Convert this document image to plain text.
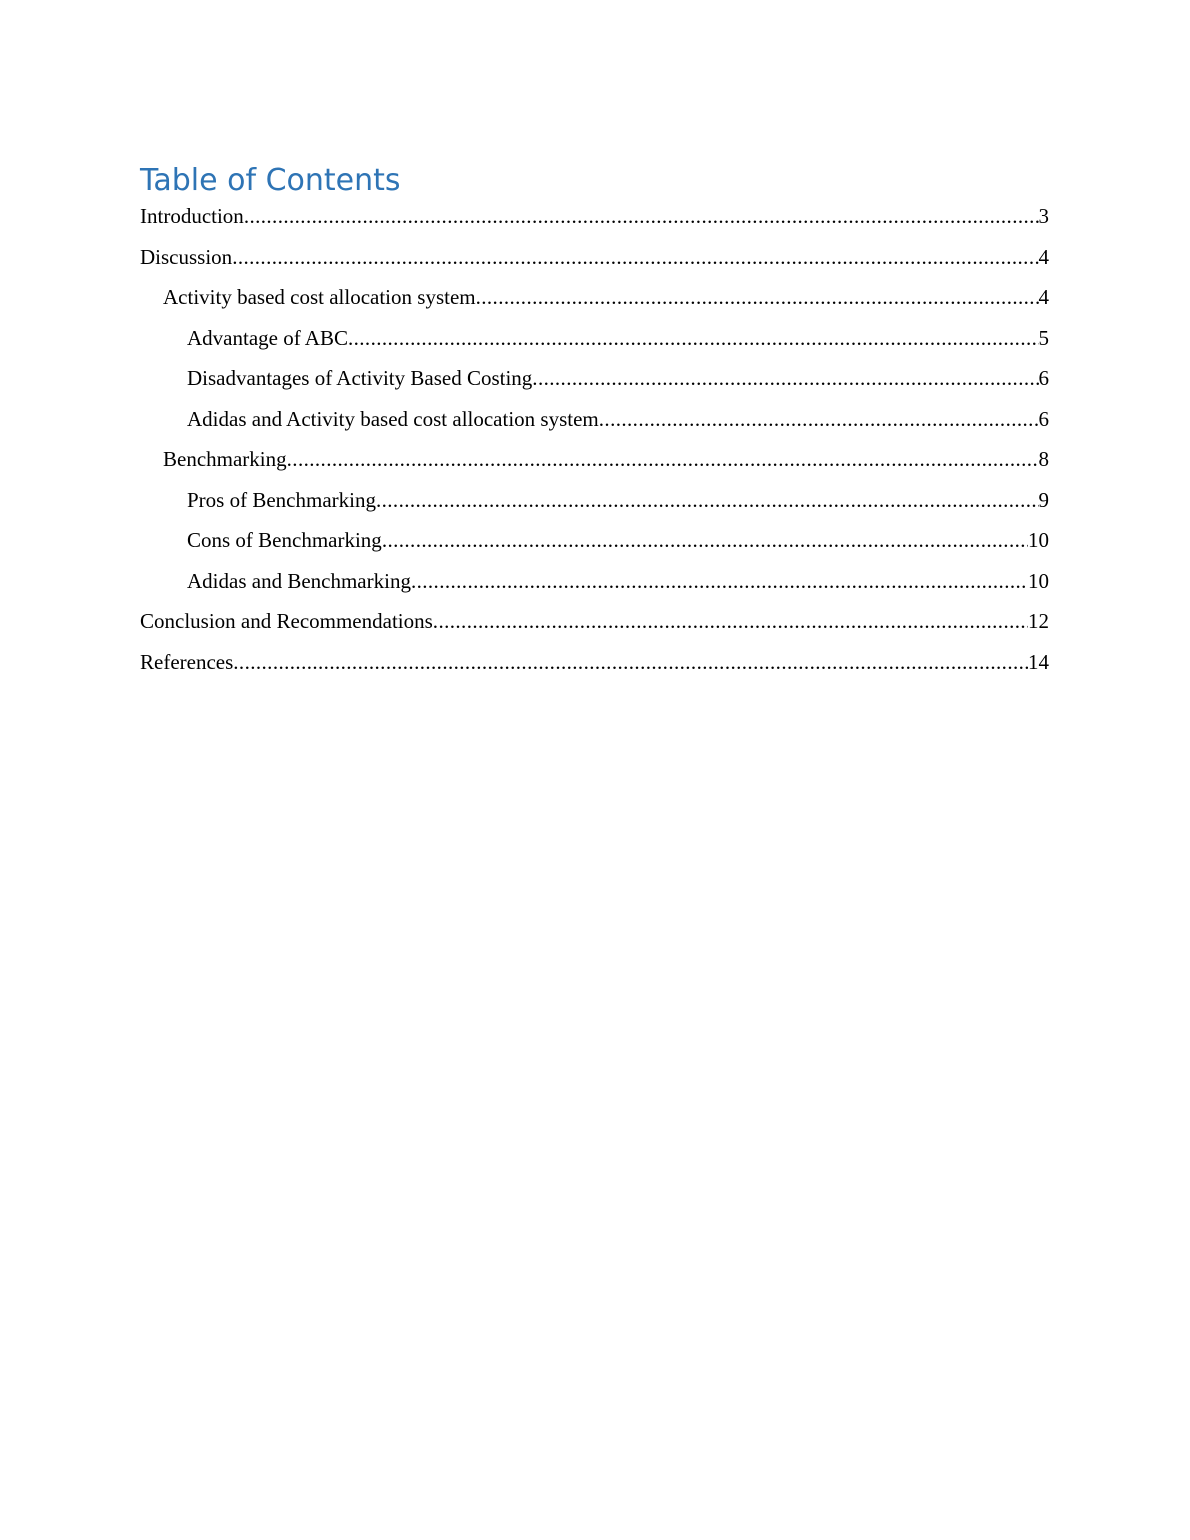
Table of Contents
Introduction .....	3
Discussion .....	4
Activity based cost allocation system .....	4
Advantage of ABC .....	5
Disadvantages of Activity Based Costing .....	6
Adidas and Activity based cost allocation system .....	6
Benchmarking .....	8
Pros of Benchmarking .....	9
Cons of Benchmarking .....	10
Adidas and Benchmarking .....	10
Conclusion and Recommendations .....	12
References .....	14
